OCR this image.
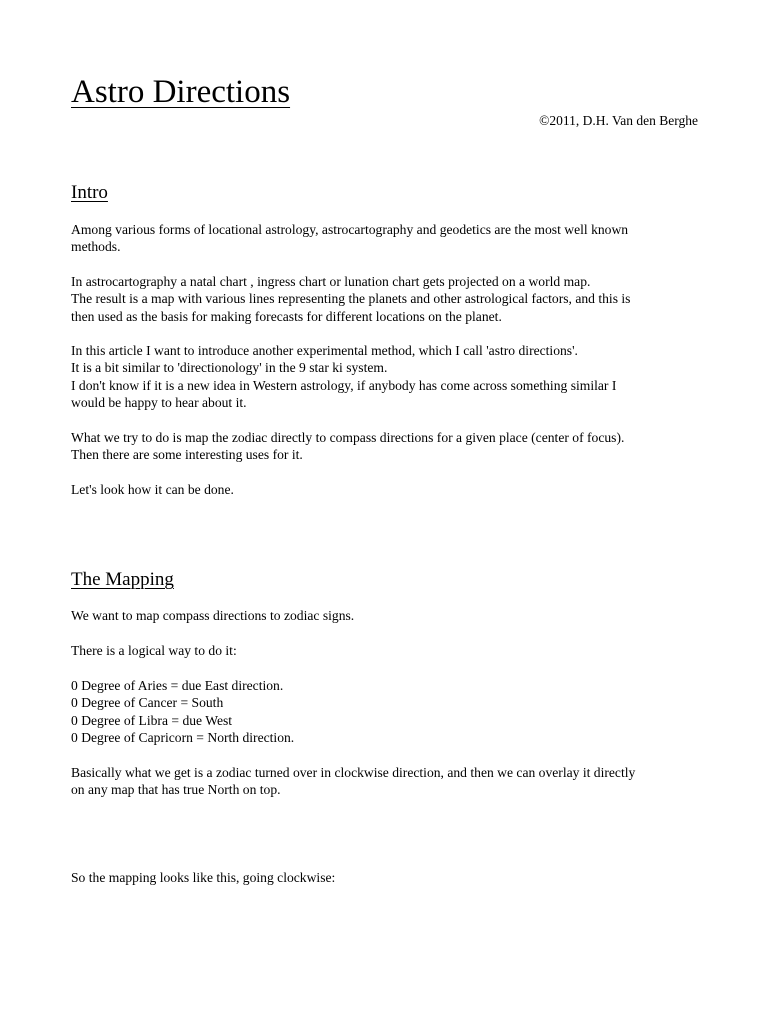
Astro Directions
©2011, D.H. Van den Berghe
Intro
Among various forms of locational astrology, astrocartography and geodetics are the most well known
methods.
In astrocartography a natal chart , ingress chart or lunation chart gets projected on a world map.
The result is a map with various lines representing the planets and other astrological factors, and this is
then used as the basis for making forecasts for different locations on the planet.
In this article I want to introduce another experimental method, which I call 'astro directions'.
It is a bit similar to 'directionology' in the 9 star ki system.
I don't know if it is a new idea in Western astrology, if anybody has come across something similar I
would be happy to hear about it.
What we try to do is map the zodiac directly to compass directions for a given place (center of focus).
Then there are some interesting uses for it.
Let's look how it can be done.
The Mapping
We want to map compass directions to zodiac signs.
There is a logical way to do it:
0 Degree of Aries = due East direction.
0 Degree of Cancer = South
0 Degree of Libra = due West
0 Degree of Capricorn = North direction.
Basically what we get is a zodiac turned over in clockwise direction, and then we can overlay it directly
on any map that has true North on top.
So the mapping looks like this, going clockwise:
